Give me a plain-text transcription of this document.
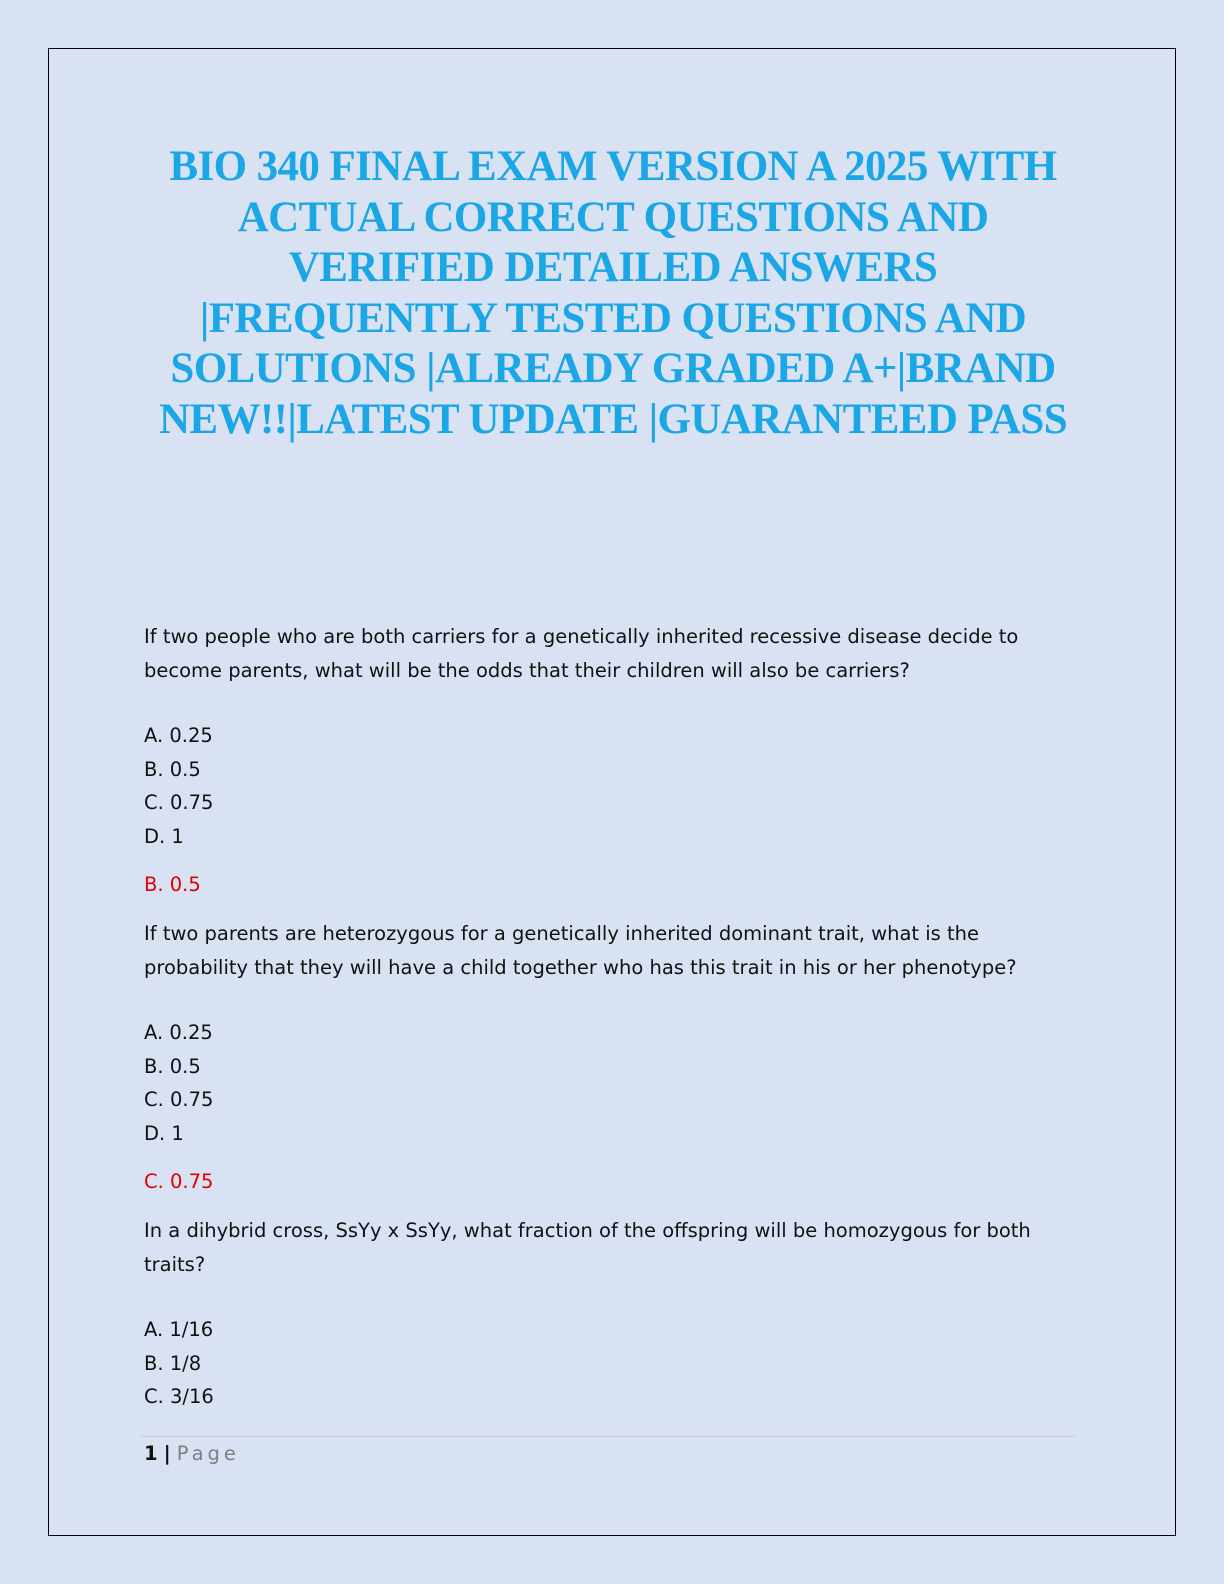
BIO 340 FINAL EXAM VERSION A 2025 WITH ACTUAL CORRECT QUESTIONS AND VERIFIED DETAILED ANSWERS |FREQUENTLY TESTED QUESTIONS AND SOLUTIONS |ALREADY GRADED A+|BRAND NEW!!|LATEST UPDATE |GUARANTEED PASS

If two people who are both carriers for a genetically inherited recessive disease decide to become parents, what will be the odds that their children will also be carriers?

A. 0.25
B. 0.5
C. 0.75
D. 1

B. 0.5

If two parents are heterozygous for a genetically inherited dominant trait, what is the probability that they will have a child together who has this trait in his or her phenotype?

A. 0.25
B. 0.5
C. 0.75
D. 1

C. 0.75

In a dihybrid cross, SsYy x SsYy, what fraction of the offspring will be homozygous for both traits?

A. 1/16
B. 1/8
C. 3/16
1 | Page
